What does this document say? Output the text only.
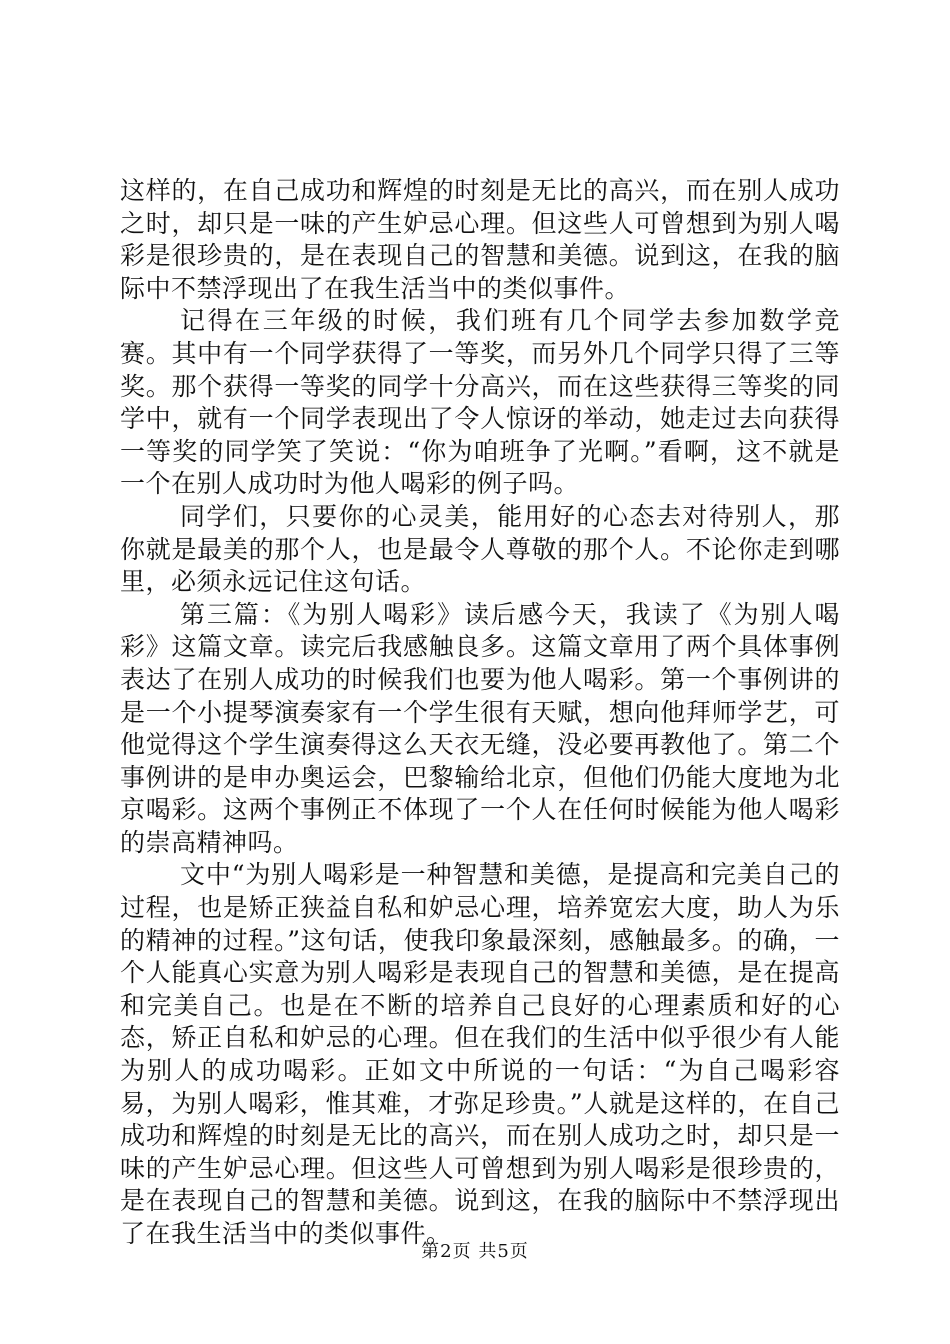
这样的，在自己成功和辉煌的时刻是无比的高兴，而在别人成功之时，却只是一味的产生妒忌心理。但这些人可曾想到为别人喝彩是很珍贵的，是在表现自己的智慧和美德。说到这，在我的脑际中不禁浮现出了在我生活当中的类似事件。

记得在三年级的时候，我们班有几个同学去参加数学竞赛。其中有一个同学获得了一等奖，而另外几个同学只得了三等奖。那个获得一等奖的同学十分高兴，而在这些获得三等奖的同学中，就有一个同学表现出了令人惊讶的举动，她走过去向获得一等奖的同学笑了笑说：“你为咱班争了光啊。”看啊，这不就是一个在别人成功时为他人喝彩的例子吗。

同学们，只要你的心灵美，能用好的心态去对待别人，那你就是最美的那个人，也是最令人尊敬的那个人。不论你走到哪里，必须永远记住这句话。

第三篇：《为别人喝彩》读后感今天，我读了《为别人喝彩》这篇文章。读完后我感触良多。这篇文章用了两个具体事例表达了在别人成功的时候我们也要为他人喝彩。第一个事例讲的是一个小提琴演奏家有一个学生很有天赋，想向他拜师学艺，可他觉得这个学生演奏得这么天衣无缝，没必要再教他了。第二个事例讲的是申办奥运会，巴黎输给北京，但他们仍能大度地为北京喝彩。这两个事例正不体现了一个人在任何时候能为他人喝彩的崇高精神吗。

文中“为别人喝彩是一种智慧和美德，是提高和完美自己的过程，也是矫正狭益自私和妒忌心理，培养宽宏大度，助人为乐的精神的过程。”这句话，使我印象最深刻，感触最多。的确，一个人能真心实意为别人喝彩是表现自己的智慧和美德，是在提高和完美自己。也是在不断的培养自己良好的心理素质和好的心态，矫正自私和妒忌的心理。但在我们的生活中似乎很少有人能为别人的成功喝彩。正如文中所说的一句话：“为自己喝彩容易，为别人喝彩，惟其难，才弥足珍贵。”人就是这样的，在自己成功和辉煌的时刻是无比的高兴，而在别人成功之时，却只是一味的产生妒忌心理。但这些人可曾想到为别人喝彩是很珍贵的，是在表现自己的智慧和美德。说到这，在我的脑际中不禁浮现出了在我生活当中的类似事件。

第2页 共5页
